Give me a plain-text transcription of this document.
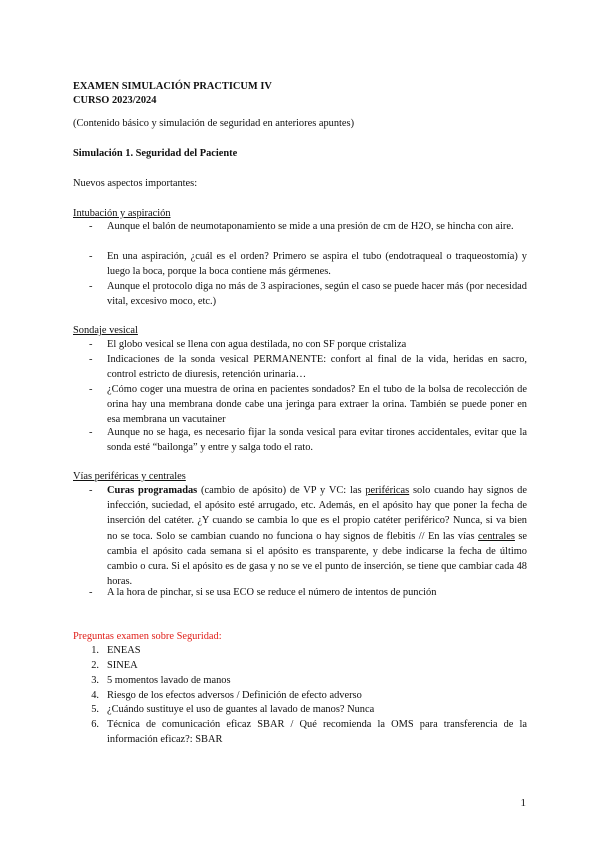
EXAMEN SIMULACIÓN PRACTICUM IV
CURSO 2023/2024
(Contenido básico y simulación de seguridad en anteriores apuntes)
Simulación 1. Seguridad del Paciente
Nuevos aspectos importantes:
Intubación y aspiración
- Aunque el balón de neumotaponamiento se mide a una presión de cm de H2O, se hincha con aire.
- En una aspiración, ¿cuál es el orden? Primero se aspira el tubo (endotraqueal o traqueostomía) y luego la boca, porque la boca contiene más gérmenes.
- Aunque el protocolo diga no más de 3 aspiraciones, según el caso se puede hacer más (por necesidad vital, excesivo moco, etc.)
Sondaje vesical
- El globo vesical se llena con agua destilada, no con SF porque cristaliza
- Indicaciones de la sonda vesical PERMANENTE: confort al final de la vida, heridas en sacro, control estricto de diuresis, retención urinaria…
- ¿Cómo coger una muestra de orina en pacientes sondados? En el tubo de la bolsa de recolección de orina hay una membrana donde cabe una jeringa para extraer la orina. También se puede poner en esa membrana un vacutainer
- Aunque no se haga, es necesario fijar la sonda vesical para evitar tirones accidentales, evitar que la sonda esté “bailonga” y entre y salga todo el rato.
Vías periféricas y centrales
- Curas programadas (cambio de apósito) de VP y VC: las periféricas solo cuando hay signos de infección, suciedad, el apósito esté arrugado, etc. Además, en el apósito hay que poner la fecha de inserción del catéter. ¿Y cuando se cambia lo que es el propio catéter periférico? Nunca, si va bien no se toca. Solo se cambian cuando no funciona o hay signos de flebitis // En las vías centrales se cambia el apósito cada semana si el apósito es transparente, y debe indicarse la fecha de último cambio o cura. Si el apósito es de gasa y no se ve el punto de inserción, se tiene que cambiar cada 48 horas.
- A la hora de pinchar, si se usa ECO se reduce el número de intentos de punción
Preguntas examen sobre Seguridad:
1. ENEAS
2. SINEA
3. 5 momentos lavado de manos
4. Riesgo de los efectos adversos / Definición de efecto adverso
5. ¿Cuándo sustituye el uso de guantes al lavado de manos? Nunca
6. Técnica de comunicación eficaz SBAR / Qué recomienda la OMS para transferencia de la información eficaz?: SBAR
1
